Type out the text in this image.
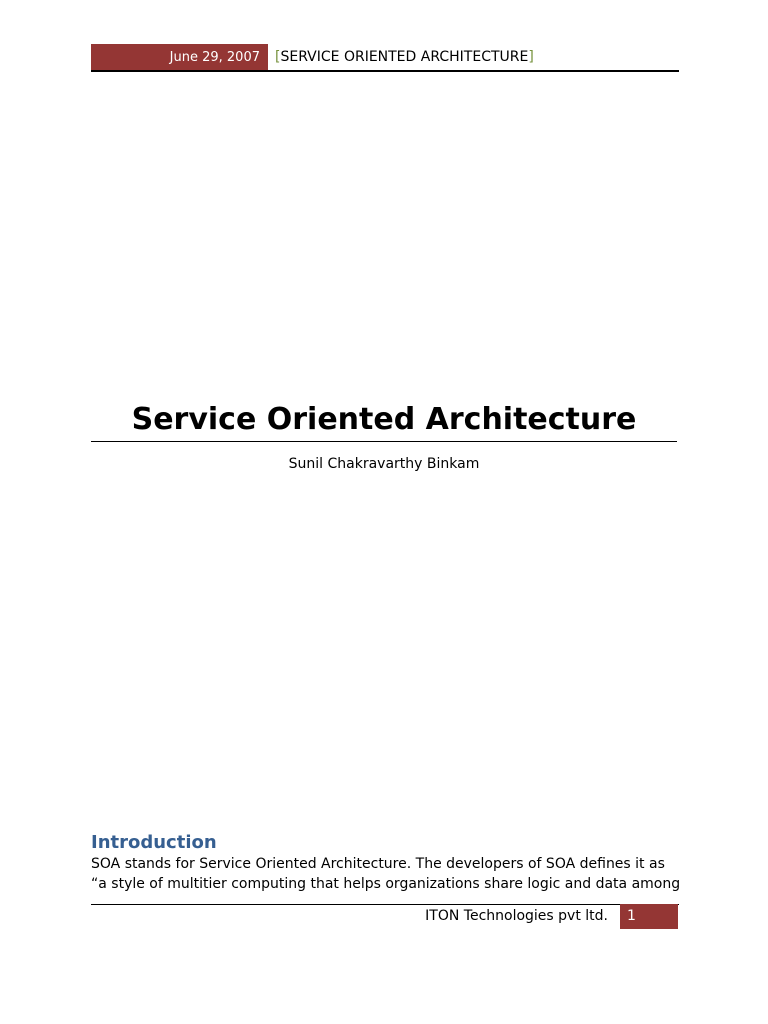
June 29, 2007	[SERVICE ORIENTED ARCHITECTURE]
Service Oriented Architecture
Sunil Chakravarthy Binkam
Introduction
SOA stands for Service Oriented Architecture. The developers of SOA defines it as
“a style of multitier computing that helps organizations share logic and data among
ITON Technologies pvt ltd.	1
